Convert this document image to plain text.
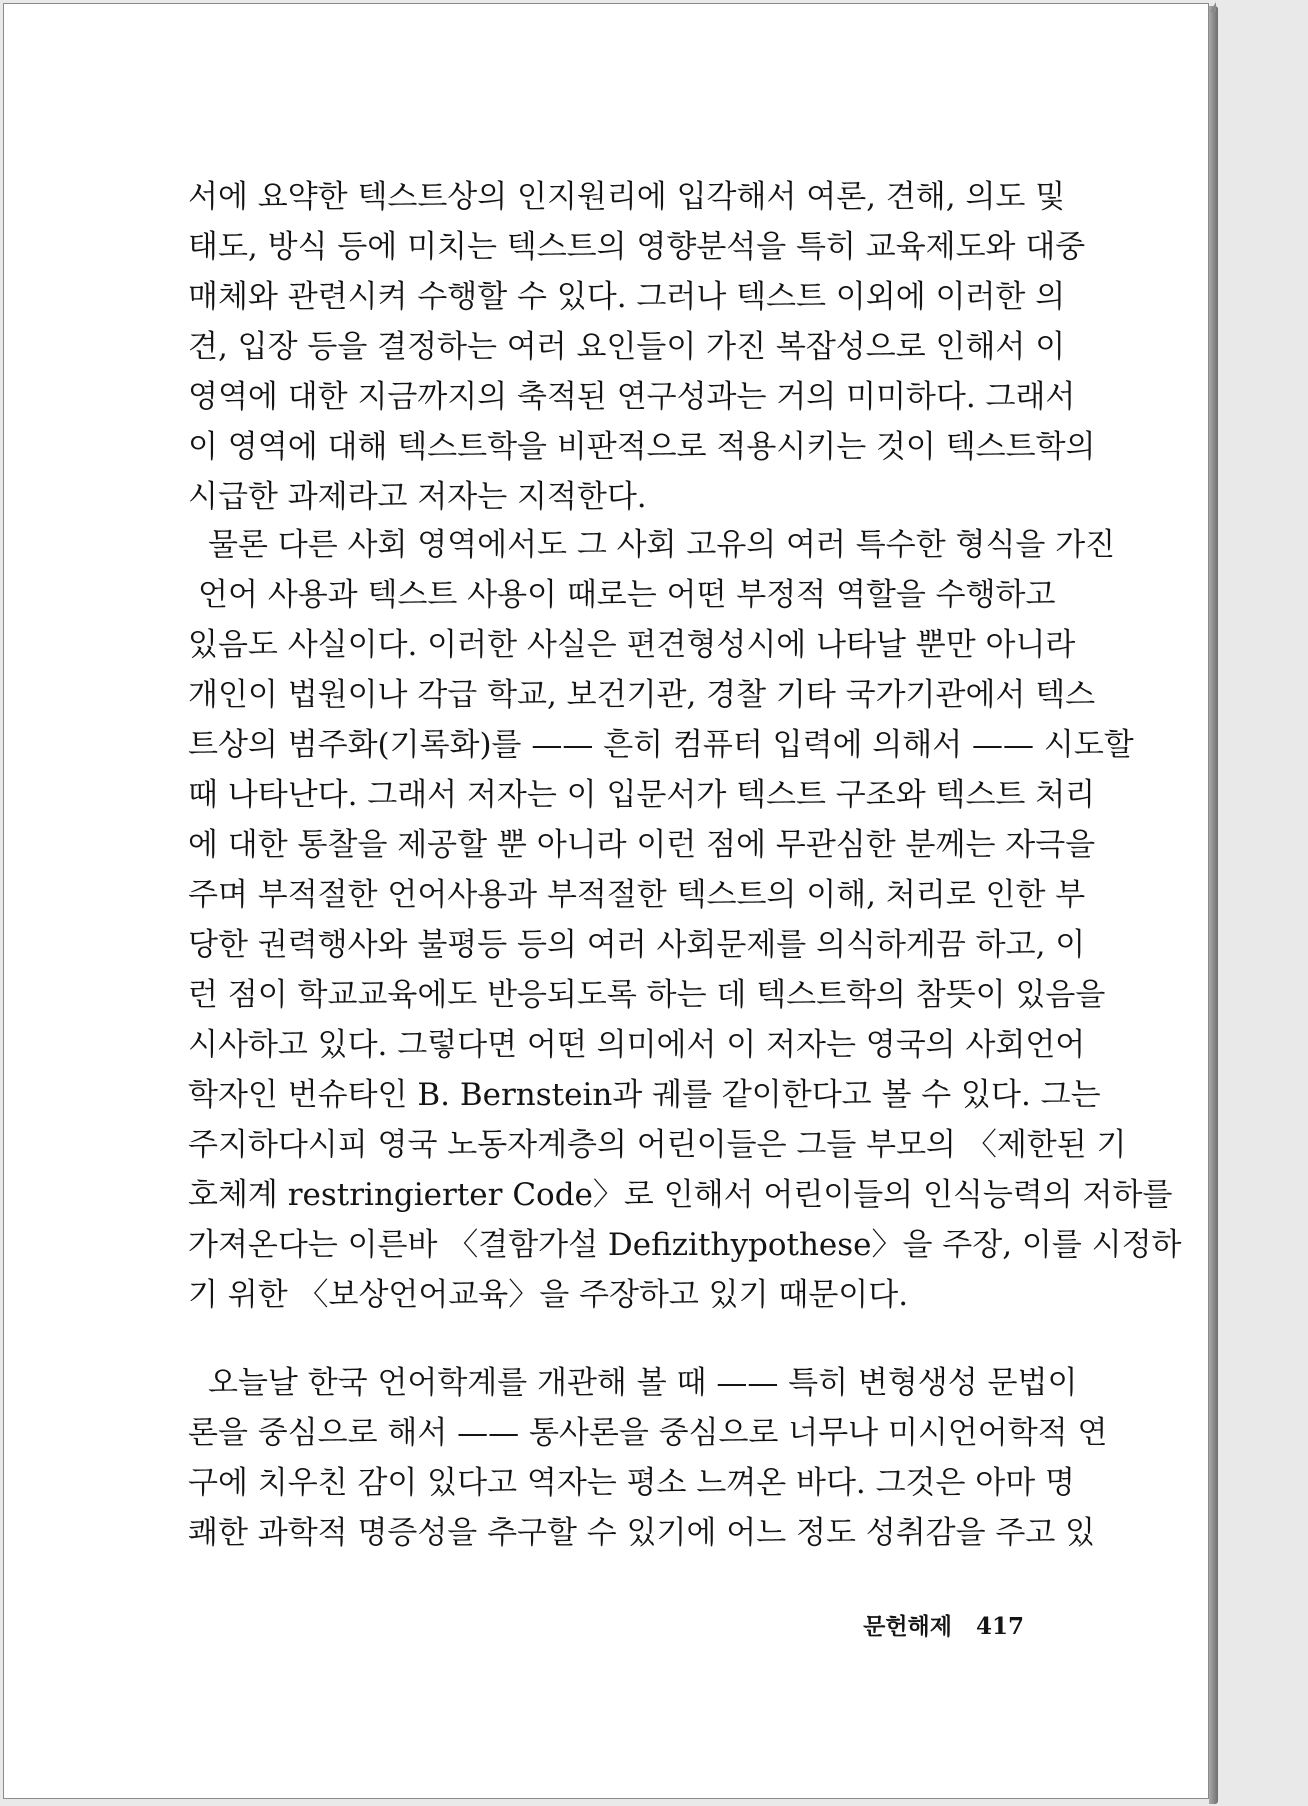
서에 요약한 텍스트상의 인지원리에 입각해서 여론, 견해, 의도 및
태도, 방식 등에 미치는 텍스트의 영향분석을 특히 교육제도와 대중
매체와 관련시켜 수행할 수 있다. 그러나 텍스트 이외에 이러한 의
견, 입장 등을 결정하는 여러 요인들이 가진 복잡성으로 인해서 이
영역에 대한 지금까지의 축적된 연구성과는 거의 미미하다. 그래서
이 영역에 대해 텍스트학을 비판적으로 적용시키는 것이 텍스트학의
시급한 과제라고 저자는 지적한다.
물론 다른 사회 영역에서도 그 사회 고유의 여러 특수한 형식을 가진
언어 사용과 텍스트 사용이 때로는 어떤 부정적 역할을 수행하고
있음도 사실이다. 이러한 사실은 편견형성시에 나타날 뿐만 아니라
개인이 법원이나 각급 학교, 보건기관, 경찰 기타 국가기관에서 텍스
트상의 범주화(기록화)를 —— 흔히 컴퓨터 입력에 의해서 —— 시도할
때 나타난다. 그래서 저자는 이 입문서가 텍스트 구조와 텍스트 처리
에 대한 통찰을 제공할 뿐 아니라 이런 점에 무관심한 분께는 자극을
주며 부적절한 언어사용과 부적절한 텍스트의 이해, 처리로 인한 부
당한 권력행사와 불평등 등의 여러 사회문제를 의식하게끔 하고, 이
런 점이 학교교육에도 반응되도록 하는 데 텍스트학의 참뜻이 있음을
시사하고 있다. 그렇다면 어떤 의미에서 이 저자는 영국의 사회언어
학자인 번슈타인 B. Bernstein과 궤를 같이한다고 볼 수 있다. 그는
주지하다시피 영국 노동자계층의 어린이들은 그들 부모의 〈제한된 기
호체계 restringierter Code〉로 인해서 어린이들의 인식능력의 저하를
가져온다는 이른바 〈결함가설 Defizithypothese〉을 주장, 이를 시정하
기 위한 〈보상언어교육〉을 주장하고 있기 때문이다.
오늘날 한국 언어학계를 개관해 볼 때 —— 특히 변형생성 문법이
론을 중심으로 해서 —— 통사론을 중심으로 너무나 미시언어학적 연
구에 치우친 감이 있다고 역자는 평소 느껴온 바다. 그것은 아마 명
쾌한 과학적 명증성을 추구할 수 있기에 어느 정도 성취감을 주고 있
문헌해제 417
